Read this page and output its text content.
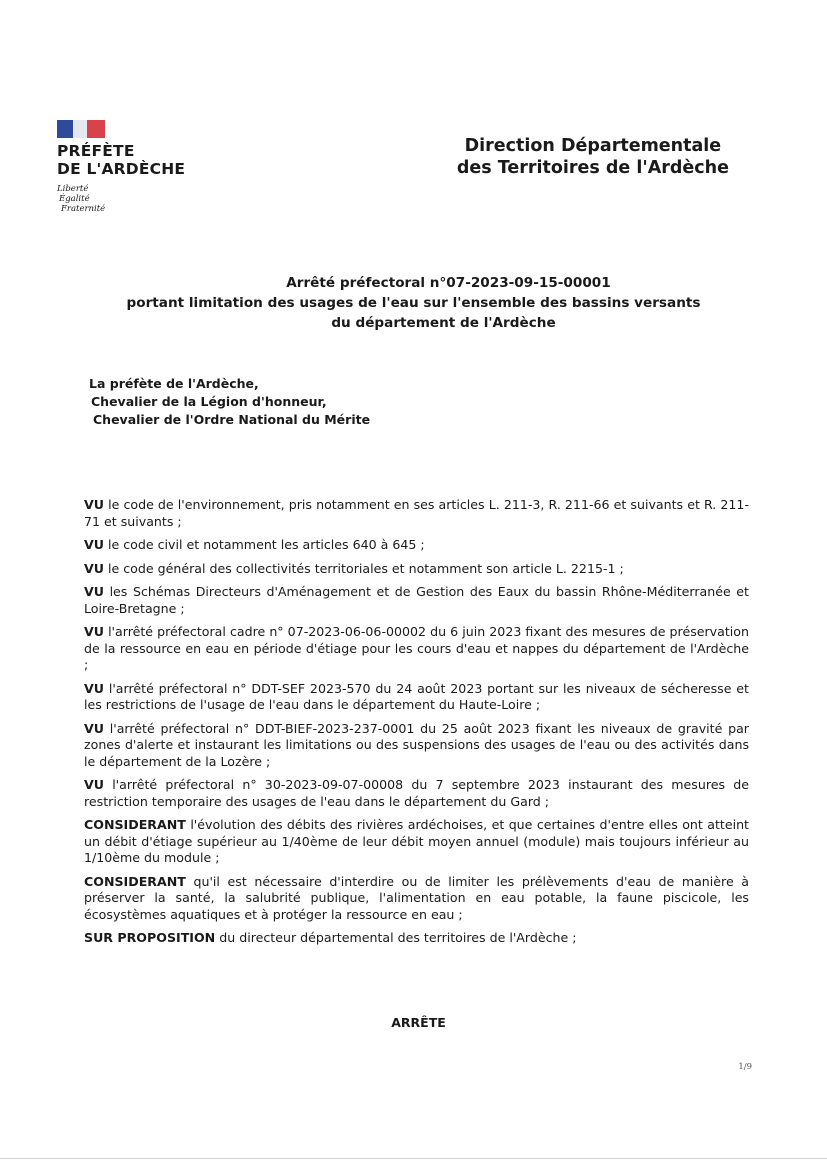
PRÉFÈTE
DE L'ARDÈCHE
Liberté
Égalité
Fraternité
Direction Départementale
des Territoires de l'Ardèche
Arrêté préfectoral n°07-2023-09-15-00001
portant limitation des usages de l'eau sur l'ensemble des bassins versants
du département de l'Ardèche
La préfète de l'Ardèche,
Chevalier de la Légion d'honneur,
Chevalier de l'Ordre National du Mérite

VU le code de l'environnement, pris notamment en ses articles L. 211-3, R. 211-66 et suivants et R. 211-71 et suivants ;

VU le code civil et notamment les articles 640 à 645 ;

VU le code général des collectivités territoriales et notamment son article L. 2215-1 ;

VU les Schémas Directeurs d'Aménagement et de Gestion des Eaux du bassin Rhône-Méditerranée et Loire-Bretagne ;

VU l'arrêté préfectoral cadre n° 07-2023-06-06-00002 du 6 juin 2023 fixant des mesures de préservation de la ressource en eau en période d'étiage pour les cours d'eau et nappes du département de l'Ardèche ;

VU l'arrêté préfectoral n° DDT-SEF 2023-570 du 24 août 2023 portant sur les niveaux de sécheresse et les restrictions de l'usage de l'eau dans le département du Haute-Loire ;

VU l'arrêté préfectoral n° DDT-BIEF-2023-237-0001 du 25 août 2023 fixant les niveaux de gravité par zones d'alerte et instaurant les limitations ou des suspensions des usages de l'eau ou des activités dans le département de la Lozère ;

VU l'arrêté préfectoral n° 30-2023-09-07-00008 du 7 septembre 2023 instaurant des mesures de restriction temporaire des usages de l'eau dans le département du Gard ;

CONSIDERANT l'évolution des débits des rivières ardéchoises, et que certaines d'entre elles ont atteint un débit d'étiage supérieur au 1/40ème de leur débit moyen annuel (module) mais toujours inférieur au 1/10ème du module ;

CONSIDERANT qu'il est nécessaire d'interdire ou de limiter les prélèvements d'eau de manière à préserver la santé, la salubrité publique, l'alimentation en eau potable, la faune piscicole, les écosystèmes aquatiques et à protéger la ressource en eau ;

SUR PROPOSITION du directeur départemental des territoires de l'Ardèche ;

ARRÊTE
1/9
